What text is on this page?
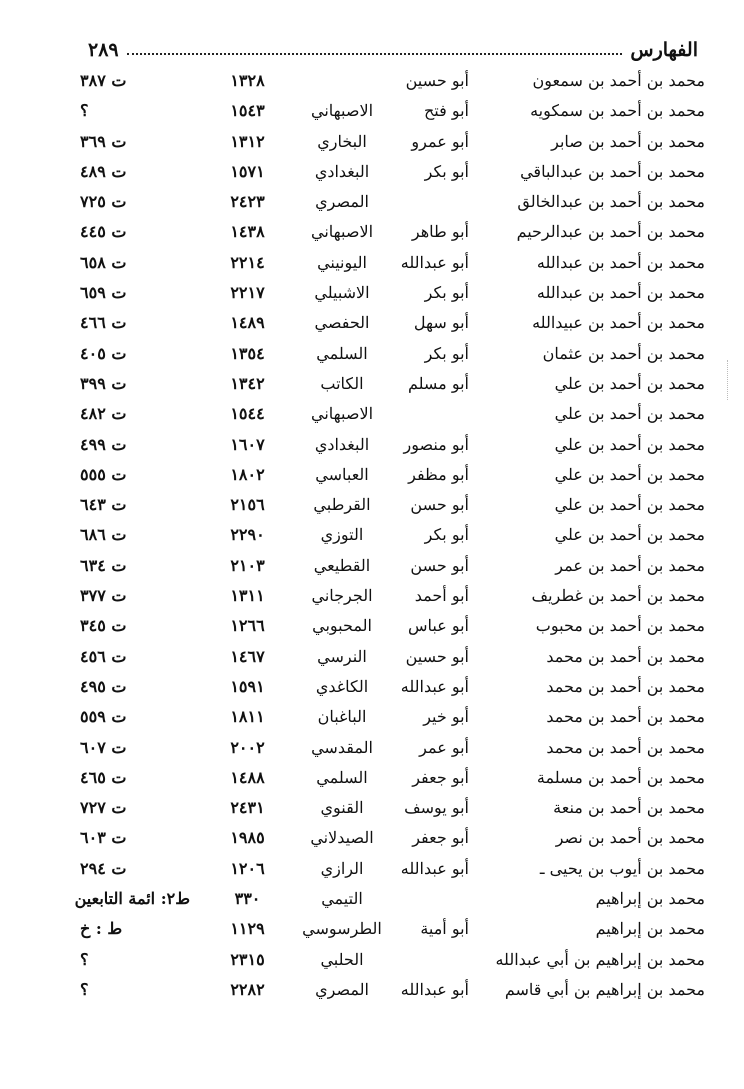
الفهارس
٢٨٩
محمد بن أحمد بن سمعون
أبو حسين
١٣٢٨
ت ٣٨٧
محمد بن أحمد بن سمكويه
أبو فتح
الاصبهاني
١٥٤٣
؟
محمد بن أحمد بن صابر
أبو عمرو
البخاري
١٣١٢
ت ٣٦٩
محمد بن أحمد بن عبدالباقي
أبو بكر
البغدادي
١٥٧١
ت ٤٨٩
محمد بن أحمد بن عبدالخالق
المصري
٢٤٢٣
ت ٧٢٥
محمد بن أحمد بن عبدالرحيم
أبو طاهر
الاصبهاني
١٤٣٨
ت ٤٤٥
محمد بن أحمد بن عبدالله
أبو عبدالله
اليونيني
٢٢١٤
ت ٦٥٨
محمد بن أحمد بن عبدالله
أبو بكر
الاشبيلي
٢٢١٧
ت ٦٥٩
محمد بن أحمد بن عبيدالله
أبو سهل
الحفصي
١٤٨٩
ت ٤٦٦
محمد بن أحمد بن عثمان
أبو بكر
السلمي
١٣٥٤
ت ٤٠٥
محمد بن أحمد بن علي
أبو مسلم
الكاتب
١٣٤٢
ت ٣٩٩
محمد بن أحمد بن علي
الاصبهاني
١٥٤٤
ت ٤٨٢
محمد بن أحمد بن علي
أبو منصور
البغدادي
١٦٠٧
ت ٤٩٩
محمد بن أحمد بن علي
أبو مظفر
العباسي
١٨٠٢
ت ٥٥٥
محمد بن أحمد بن علي
أبو حسن
القرطبي
٢١٥٦
ت ٦٤٣
محمد بن أحمد بن علي
أبو بكر
التوزي
٢٢٩٠
ت ٦٨٦
محمد بن أحمد بن عمر
أبو حسن
القطيعي
٢١٠٣
ت ٦٣٤
محمد بن أحمد بن غطريف
أبو أحمد
الجرجاني
١٣١١
ت ٣٧٧
محمد بن أحمد بن محبوب
أبو عباس
المحبوبي
١٢٦٦
ت ٣٤٥
محمد بن أحمد بن محمد
أبو حسين
النرسي
١٤٦٧
ت ٤٥٦
محمد بن أحمد بن محمد
أبو عبدالله
الكاغدي
١٥٩١
ت ٤٩٥
محمد بن أحمد بن محمد
أبو خير
الباغبان
١٨١١
ت ٥٥٩
محمد بن أحمد بن محمد
أبو عمر
المقدسي
٢٠٠٢
ت ٦٠٧
محمد بن أحمد بن مسلمة
أبو جعفر
السلمي
١٤٨٨
ت ٤٦٥
محمد بن أحمد بن منعة
أبو يوسف
القنوي
٢٤٣١
ت ٧٢٧
محمد بن أحمد بن نصر
أبو جعفر
الصيدلاني
١٩٨٥
ت ٦٠٣
محمد بن أيوب بن يحيى ـ
أبو عبدالله
الرازي
١٢٠٦
ت ٢٩٤
محمد بن إبراهيم
التيمي
٣٣٠
ط٢: ائمة التابعين
محمد بن إبراهيم
أبو أمية
الطرسوسي
١١٢٩
ط : خ
محمد بن إبراهيم بن أبي عبدالله
الحلبي
٢٣١٥
؟
محمد بن إبراهيم بن أبي قاسم
أبو عبدالله
المصري
٢٢٨٢
؟
